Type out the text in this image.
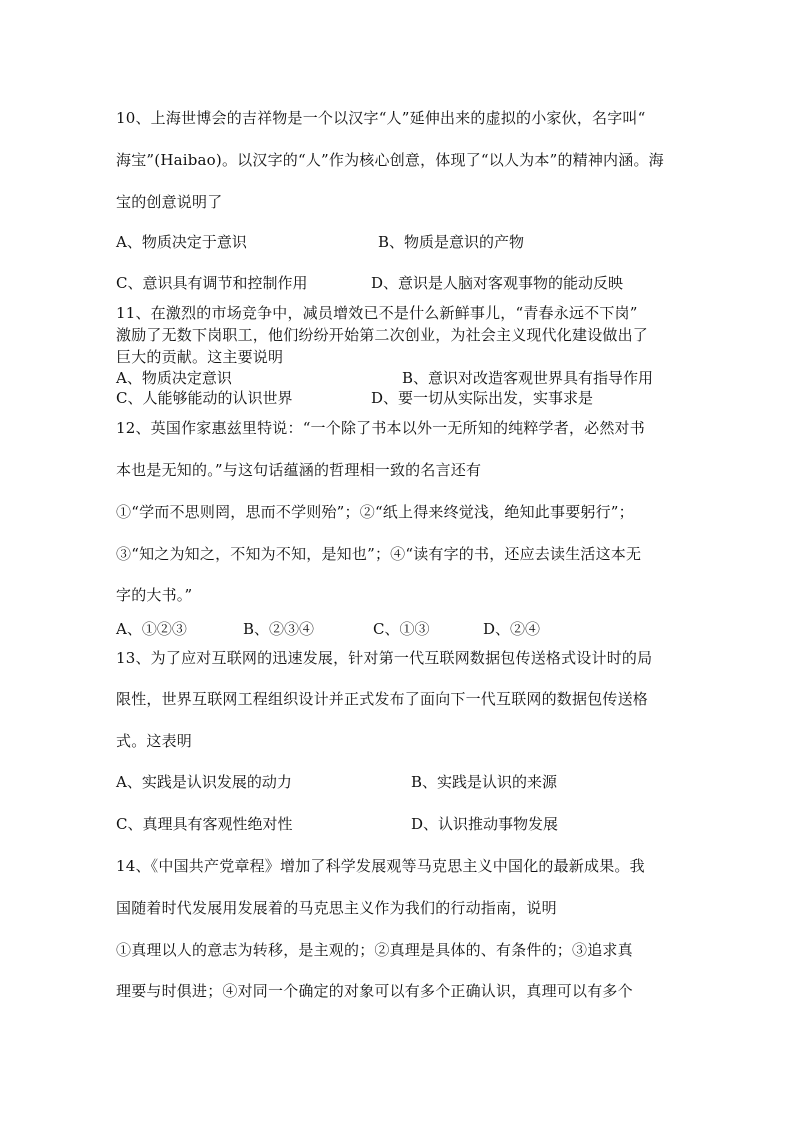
10、上海世博会的吉祥物是一个以汉字“人”延伸出来的虚拟的小家伙，名字叫“
海宝”(Haibao)。以汉字的“人”作为核心创意，体现了“以人为本”的精神内涵。海
宝的创意说明了
A、物质决定于意识	B、物质是意识的产物
C、意识具有调节和控制作用	D、意识是人脑对客观事物的能动反映
11、在激烈的市场竞争中，减员增效已不是什么新鲜事儿，“青春永远不下岗”
激励了无数下岗职工，他们纷纷开始第二次创业，为社会主义现代化建设做出了
巨大的贡献。这主要说明
A、物质决定意识	B、意识对改造客观世界具有指导作用
C、人能够能动的认识世界	D、要一切从实际出发，实事求是
12、英国作家惠兹里特说：“一个除了书本以外一无所知的纯粹学者，必然对书
本也是无知的。”与这句话蕴涵的哲理相一致的名言还有
①“学而不思则罔，思而不学则殆”；②“纸上得来终觉浅，绝知此事要躬行”；
③“知之为知之，不知为不知，是知也”；④“读有字的书，还应去读生活这本无
字的大书。”
A、①②③	B、②③④	C、①③	D、②④
13、为了应对互联网的迅速发展，针对第一代互联网数据包传送格式设计时的局
限性，世界互联网工程组织设计并正式发布了面向下一代互联网的数据包传送格
式。这表明
A、实践是认识发展的动力	B、实践是认识的来源
C、真理具有客观性绝对性	D、认识推动事物发展
14、《中国共产党章程》增加了科学发展观等马克思主义中国化的最新成果。我
国随着时代发展用发展着的马克思主义作为我们的行动指南，说明
①真理以人的意志为转移，是主观的；②真理是具体的、有条件的；③追求真
理要与时俱进；④对同一个确定的对象可以有多个正确认识，真理可以有多个
